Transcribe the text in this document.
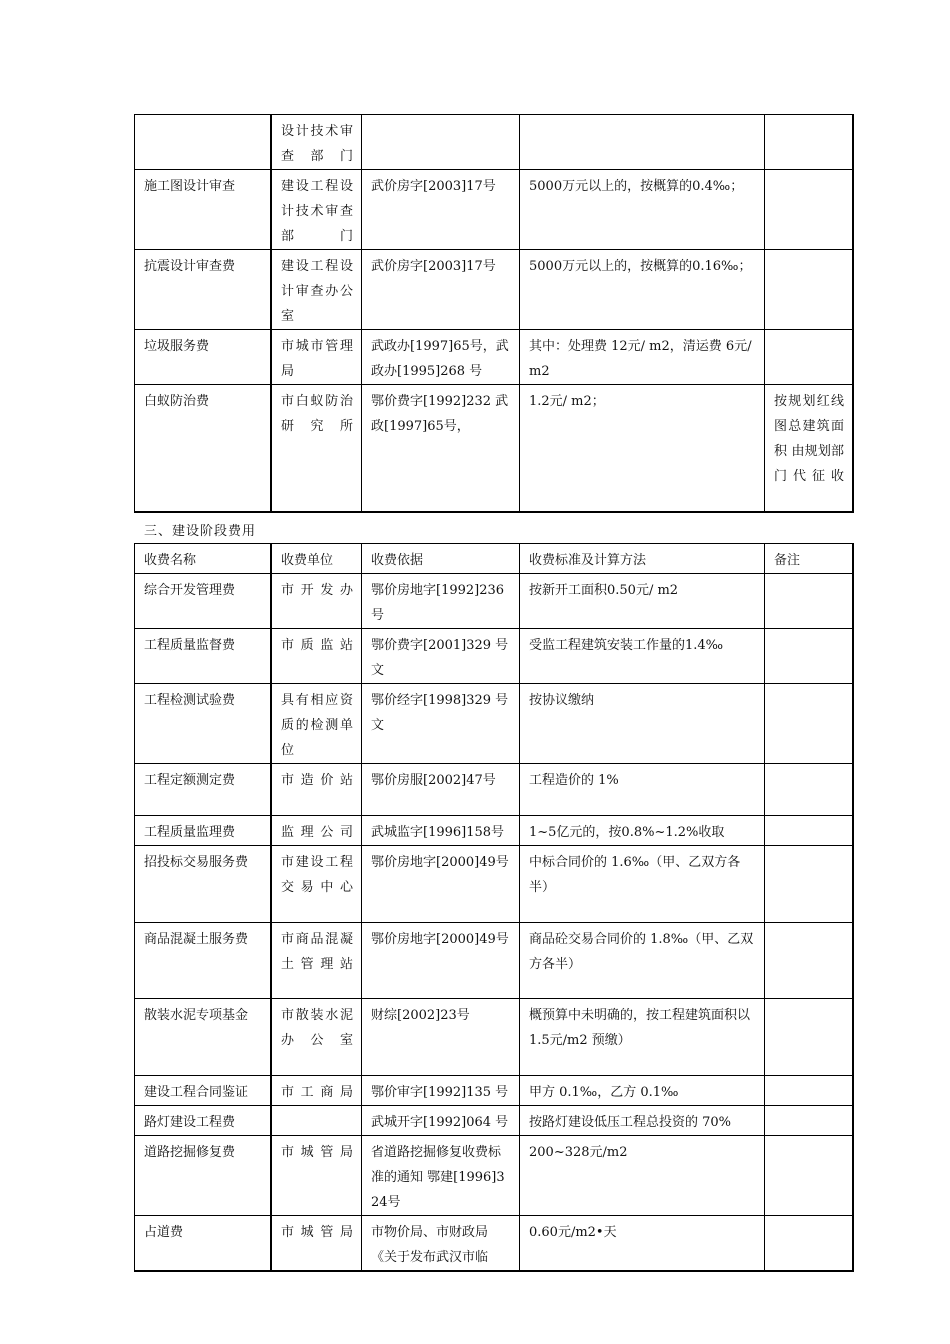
	设计技术审查部门			
施工图设计审查	建设工程设计技术审查部门	武价房字[2003]17号	5000万元以上的，按概算的0.4‰；	
抗震设计审查费	建设工程设计审查办公室	武价房字[2003]17号	5000万元以上的，按概算的0.16‰；	
垃圾服务费	市城市管理局	武政办[1997]65号，武政办[1995]268 号	其中：处理费 12元/ m2，清运费 6元/ m2	
白蚁防治费	市白蚁防治研究所	鄂价费字[1992]232 武政[1997]65号，	1.2元/ m2；	按规划红线图总建筑面积 由规划部门代征收
三、建设阶段费用
收费名称	收费单位	收费依据	收费标准及计算方法	备注
综合开发管理费	市开发办	鄂价房地字[1992]236号	按新开工面积0.50元/ m2	
工程质量监督费	市质监站	鄂价费字[2001]329 号文	受监工程建筑安装工作量的1.4‰	
工程检测试验费	具有相应资质的检测单位	鄂价经字[1998]329 号文	按协议缴纳	
工程定额测定费	市造价站	鄂价房服[2002]47号	工程造价的 1%	
工程质量监理费	监理公司	武城监字[1996]158号	1~5亿元的，按0.8%~1.2%收取	
招投标交易服务费	市建设工程交易中心	鄂价房地字[2000]49号	中标合同价的 1.6‰（甲、乙双方各半）	
商品混凝土服务费	市商品混凝土管理站	鄂价房地字[2000]49号	商品砼交易合同价的 1.8‰（甲、乙双方各半）	
散装水泥专项基金	市散装水泥办公室	财综[2002]23号	概预算中未明确的，按工程建筑面积以 1.5元/m2 预缴）	
建设工程合同鉴证	市工商局	鄂价审字[1992]135 号	甲方 0.1‰，乙方 0.1‰	
路灯建设工程费		武城开字[1992]064 号	按路灯建设低压工程总投资的 70%	
道路挖掘修复费	市城管局	省道路挖掘修复收费标准的通知 鄂建[1996]324号	200~328元/m2	
占道费	市城管局	市物价局、市财政局《关于发布武汉市临	0.60元/m2•天	
